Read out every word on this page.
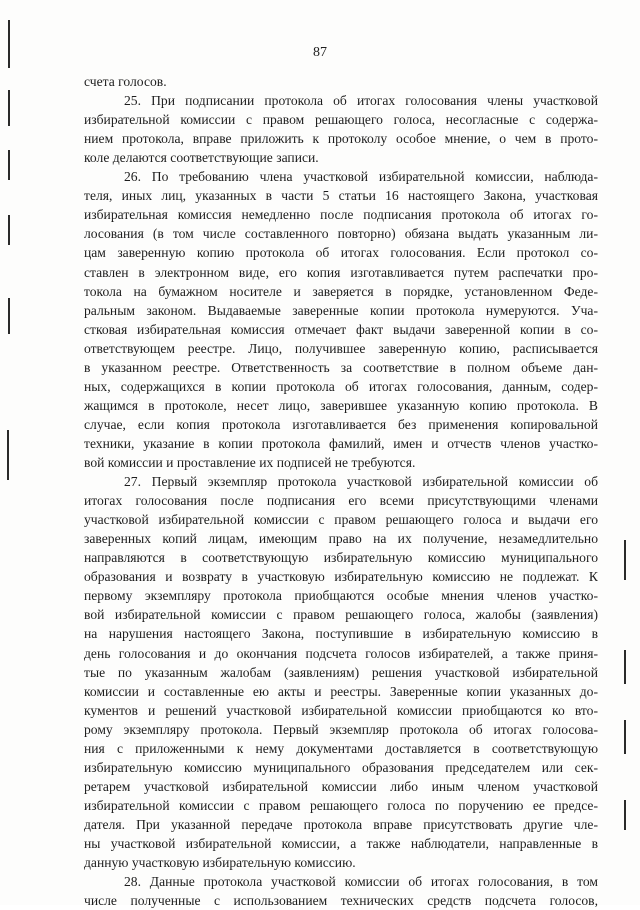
87
счета голосов.
25. При подписании протокола об итогах голосования члены участковой
избирательной комиссии с правом решающего голоса, несогласные с содержа-
нием протокола, вправе приложить к протоколу особое мнение, о чем в прото-
коле делаются соответствующие записи.
26. По требованию члена участковой избирательной комиссии, наблюда-
теля, иных лиц, указанных в части 5 статьи 16 настоящего Закона, участковая
избирательная комиссия немедленно после подписания протокола об итогах го-
лосования (в том числе составленного повторно) обязана выдать указанным ли-
цам заверенную копию протокола об итогах голосования. Если протокол со-
ставлен в электронном виде, его копия изготавливается путем распечатки про-
токола на бумажном носителе и заверяется в порядке, установленном Феде-
ральным законом. Выдаваемые заверенные копии протокола нумеруются. Уча-
стковая избирательная комиссия отмечает факт выдачи заверенной копии в со-
ответствующем реестре. Лицо, получившее заверенную копию, расписывается
в указанном реестре. Ответственность за соответствие в полном объеме дан-
ных, содержащихся в копии протокола об итогах голосования, данным, содер-
жащимся в протоколе, несет лицо, заверившее указанную копию протокола. В
случае, если копия протокола изготавливается без применения копировальной
техники, указание в копии протокола фамилий, имен и отчеств членов участко-
вой комиссии и проставление их подписей не требуются.
27. Первый экземпляр протокола участковой избирательной комиссии об
итогах голосования после подписания его всеми присутствующими членами
участковой избирательной комиссии с правом решающего голоса и выдачи его
заверенных копий лицам, имеющим право на их получение, незамедлительно
направляются в соответствующую избирательную комиссию муниципального
образования и возврату в участковую избирательную комиссию не подлежат. К
первому экземпляру протокола приобщаются особые мнения членов участко-
вой избирательной комиссии с правом решающего голоса, жалобы (заявления)
на нарушения настоящего Закона, поступившие в избирательную комиссию в
день голосования и до окончания подсчета голосов избирателей, а также приня-
тые по указанным жалобам (заявлениям) решения участковой избирательной
комиссии и составленные ею акты и реестры. Заверенные копии указанных до-
кументов и решений участковой избирательной комиссии приобщаются ко вто-
рому экземпляру протокола. Первый экземпляр протокола об итогах голосова-
ния с приложенными к нему документами доставляется в соответствующую
избирательную комиссию муниципального образования председателем или сек-
ретарем участковой избирательной комиссии либо иным членом участковой
избирательной комиссии с правом решающего голоса по поручению ее предсе-
дателя. При указанной передаче протокола вправе присутствовать другие чле-
ны участковой избирательной комиссии, а также наблюдатели, направленные в
данную участковую избирательную комиссию.
28. Данные протокола участковой комиссии об итогах голосования, в том
числе полученные с использованием технических средств подсчета голосов,
